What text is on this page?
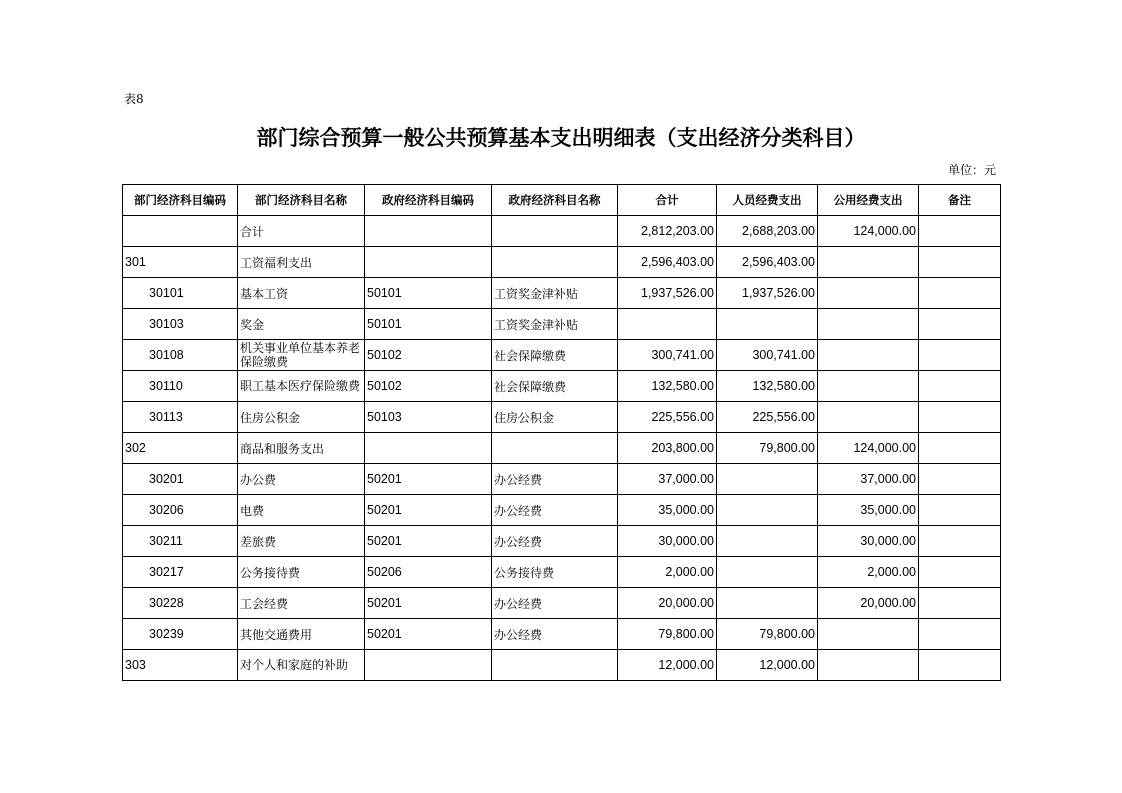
表8
部门综合预算一般公共预算基本支出明细表（支出经济分类科目）
单位：元
部门经济科目编码	部门经济科目名称	政府经济科目编码	政府经济科目名称	合计	人员经费支出	公用经费支出	备注
	合计			2,812,203.00	2,688,203.00	124,000.00	
301	工资福利支出			2,596,403.00	2,596,403.00		
30101	基本工资	50101	工资奖金津补贴	1,937,526.00	1,937,526.00		
30103	奖金	50101	工资奖金津补贴				
30108	机关事业单位基本养老保险缴费	50102	社会保障缴费	300,741.00	300,741.00		
30110	职工基本医疗保险缴费	50102	社会保障缴费	132,580.00	132,580.00		
30113	住房公积金	50103	住房公积金	225,556.00	225,556.00		
302	商品和服务支出			203,800.00	79,800.00	124,000.00	
30201	办公费	50201	办公经费	37,000.00		37,000.00	
30206	电费	50201	办公经费	35,000.00		35,000.00	
30211	差旅费	50201	办公经费	30,000.00		30,000.00	
30217	公务接待费	50206	公务接待费	2,000.00		2,000.00	
30228	工会经费	50201	办公经费	20,000.00		20,000.00	
30239	其他交通费用	50201	办公经费	79,800.00	79,800.00		
303	对个人和家庭的补助			12,000.00	12,000.00		
